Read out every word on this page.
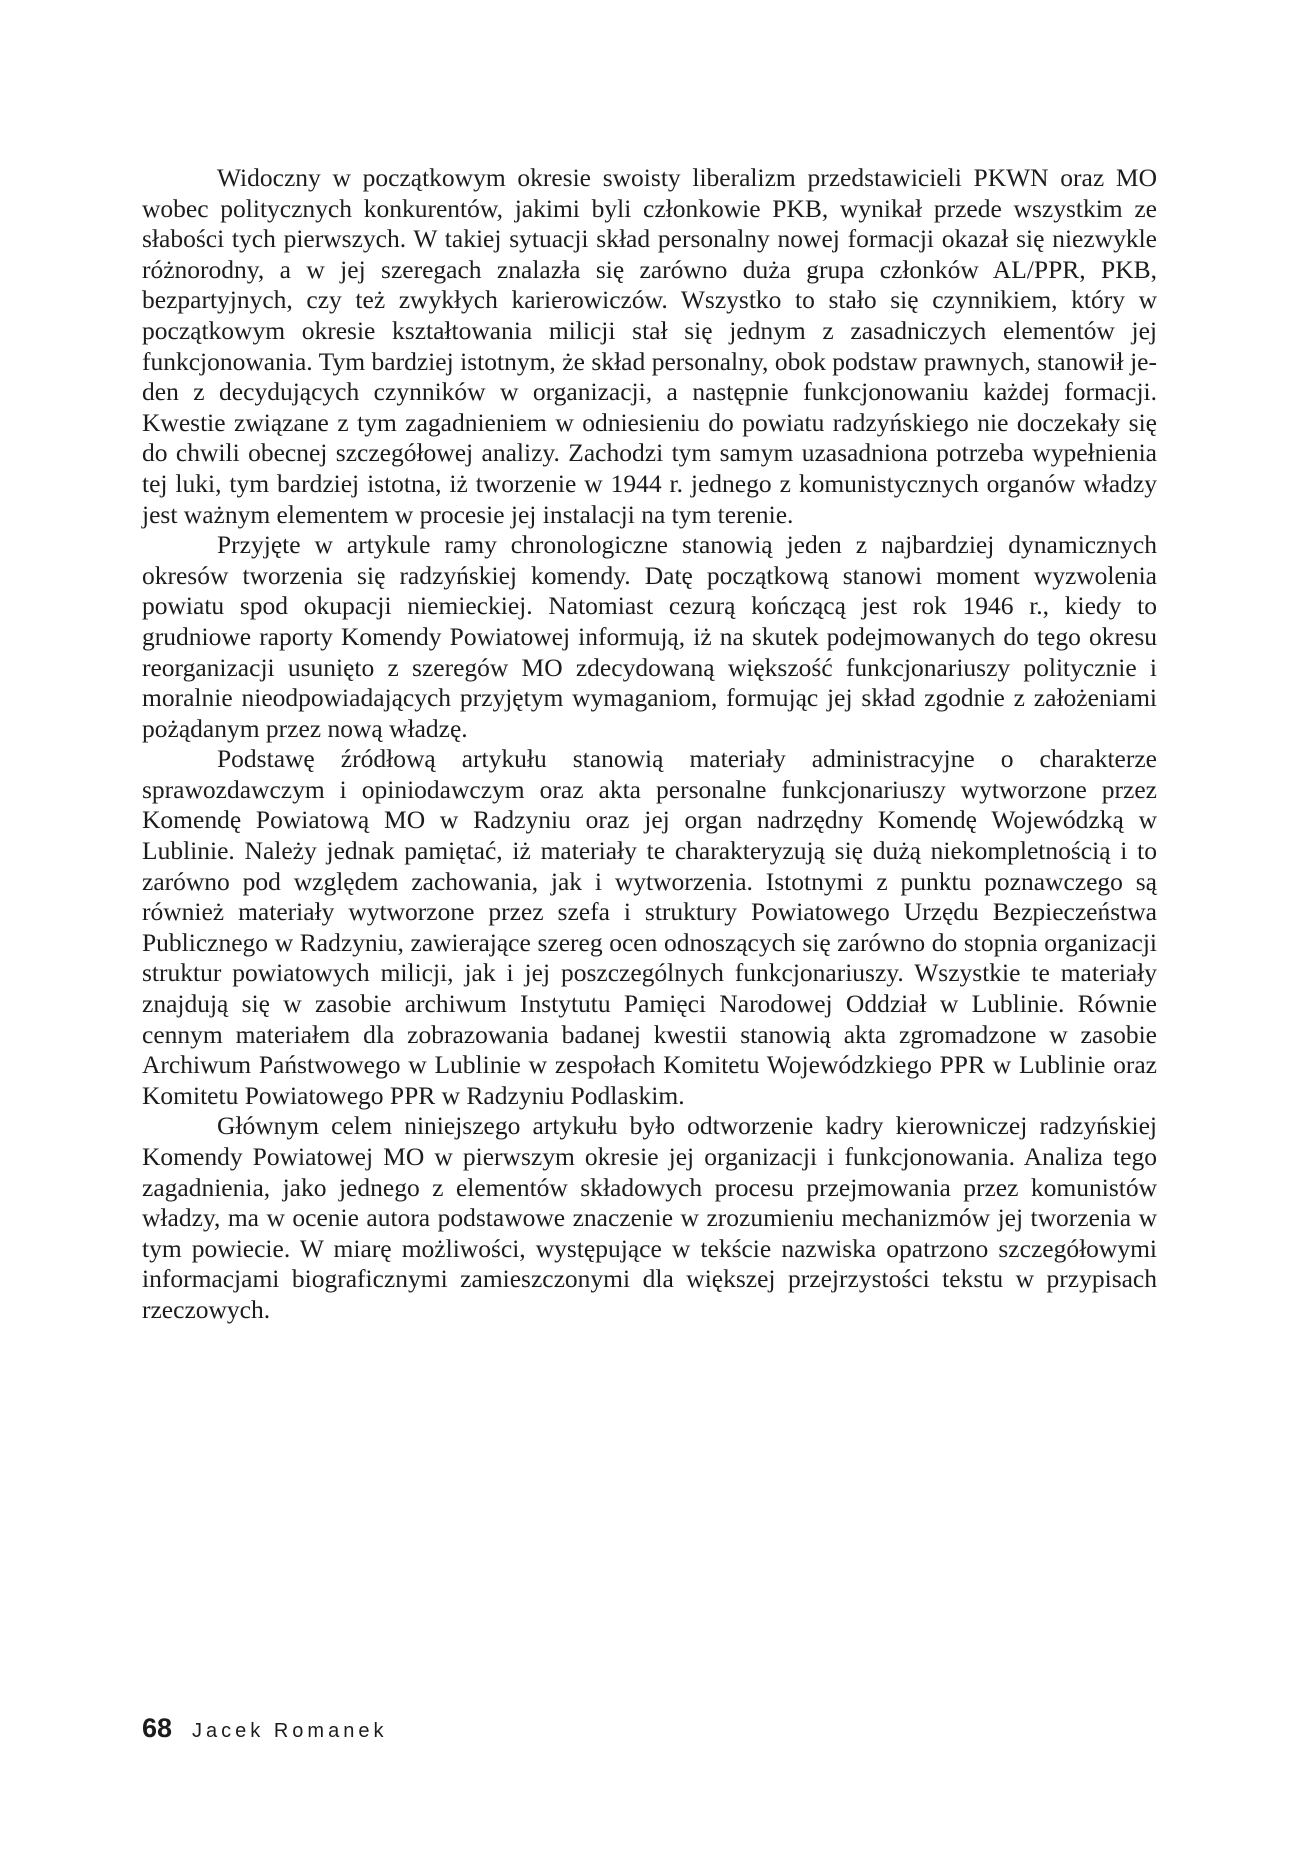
Widoczny w początkowym okresie swoisty liberalizm przedstawicieli PKWN oraz MO wobec politycznych konkurentów, jakimi byli członkowie PKB, wynikał przede wszystkim ze słabości tych pierwszych. W takiej sytuacji skład personalny nowej formacji okazał się niezwykle różnorodny, a w jej szeregach znalazła się zarówno duża grupa członków AL/PPR, PKB, bezpartyjnych, czy też zwykłych karierowiczów. Wszystko to stało się czynnikiem, który w początkowym okresie kształtowania milicji stał się jednym z zasadniczych elementów jej funkcjonowania. Tym bardziej istotnym, że skład personalny, obok podstaw prawnych, stanowił jeden z decydujących czynników w organizacji, a następnie funkcjonowaniu każdej formacji. Kwestie związane z tym zagadnieniem w odniesieniu do powiatu radzyńskiego nie doczekały się do chwili obecnej szczegółowej analizy. Zachodzi tym samym uzasadniona potrzeba wypełnienia tej luki, tym bardziej istotna, iż tworzenie w 1944 r. jednego z komunistycznych organów władzy jest ważnym elementem w procesie jej instalacji na tym terenie.

Przyjęte w artykule ramy chronologiczne stanowią jeden z najbardziej dynamicznych okresów tworzenia się radzyńskiej komendy. Datę początkową stanowi moment wyzwolenia powiatu spod okupacji niemieckiej. Natomiast cezurą kończącą jest rok 1946 r., kiedy to grudniowe raporty Komendy Powiatowej informują, iż na skutek podejmowanych do tego okresu reorganizacji usunięto z szeregów MO zdecydowaną większość funkcjonariuszy politycznie i moralnie nieodpowiadających przyjętym wymaganiom, formując jej skład zgodnie z założeniami pożądanym przez nową władzę.

Podstawę źródłową artykułu stanowią materiały administracyjne o charakterze sprawozdawczym i opiniodawczym oraz akta personalne funkcjonariuszy wytworzone przez Komendę Powiatową MO w Radzyniu oraz jej organ nadrzędny Komendę Wojewódzką w Lublinie. Należy jednak pamiętać, iż materiały te charakteryzują się dużą niekompletnością i to zarówno pod względem zachowania, jak i wytworzenia. Istotnymi z punktu poznawczego są również materiały wytworzone przez szefa i struktury Powiatowego Urzędu Bezpieczeństwa Publicznego w Radzyniu, zawierające szereg ocen odnoszących się zarówno do stopnia organizacji struktur powiatowych milicji, jak i jej poszczególnych funkcjonariuszy. Wszystkie te materiały znajdują się w zasobie archiwum Instytutu Pamięci Narodowej Oddział w Lublinie. Równie cennym materiałem dla zobrazowania badanej kwestii stanowią akta zgromadzone w zasobie Archiwum Państwowego w Lublinie w zespołach Komitetu Wojewódzkiego PPR w Lublinie oraz Komitetu Powiatowego PPR w Radzyniu Podlaskim.

Głównym celem niniejszego artykułu było odtworzenie kadry kierowniczej radzyńskiej Komendy Powiatowej MO w pierwszym okresie jej organizacji i funkcjonowania. Analiza tego zagadnienia, jako jednego z elementów składowych procesu przejmowania przez komunistów władzy, ma w ocenie autora podstawowe znaczenie w zrozumieniu mechanizmów jej tworzenia w tym powiecie. W miarę możliwości, występujące w tekście nazwiska opatrzono szczegółowymi informacjami biograficznymi zamieszczonymi dla większej przejrzystości tekstu w przypisach rzeczowych.

68 Jacek Romanek
